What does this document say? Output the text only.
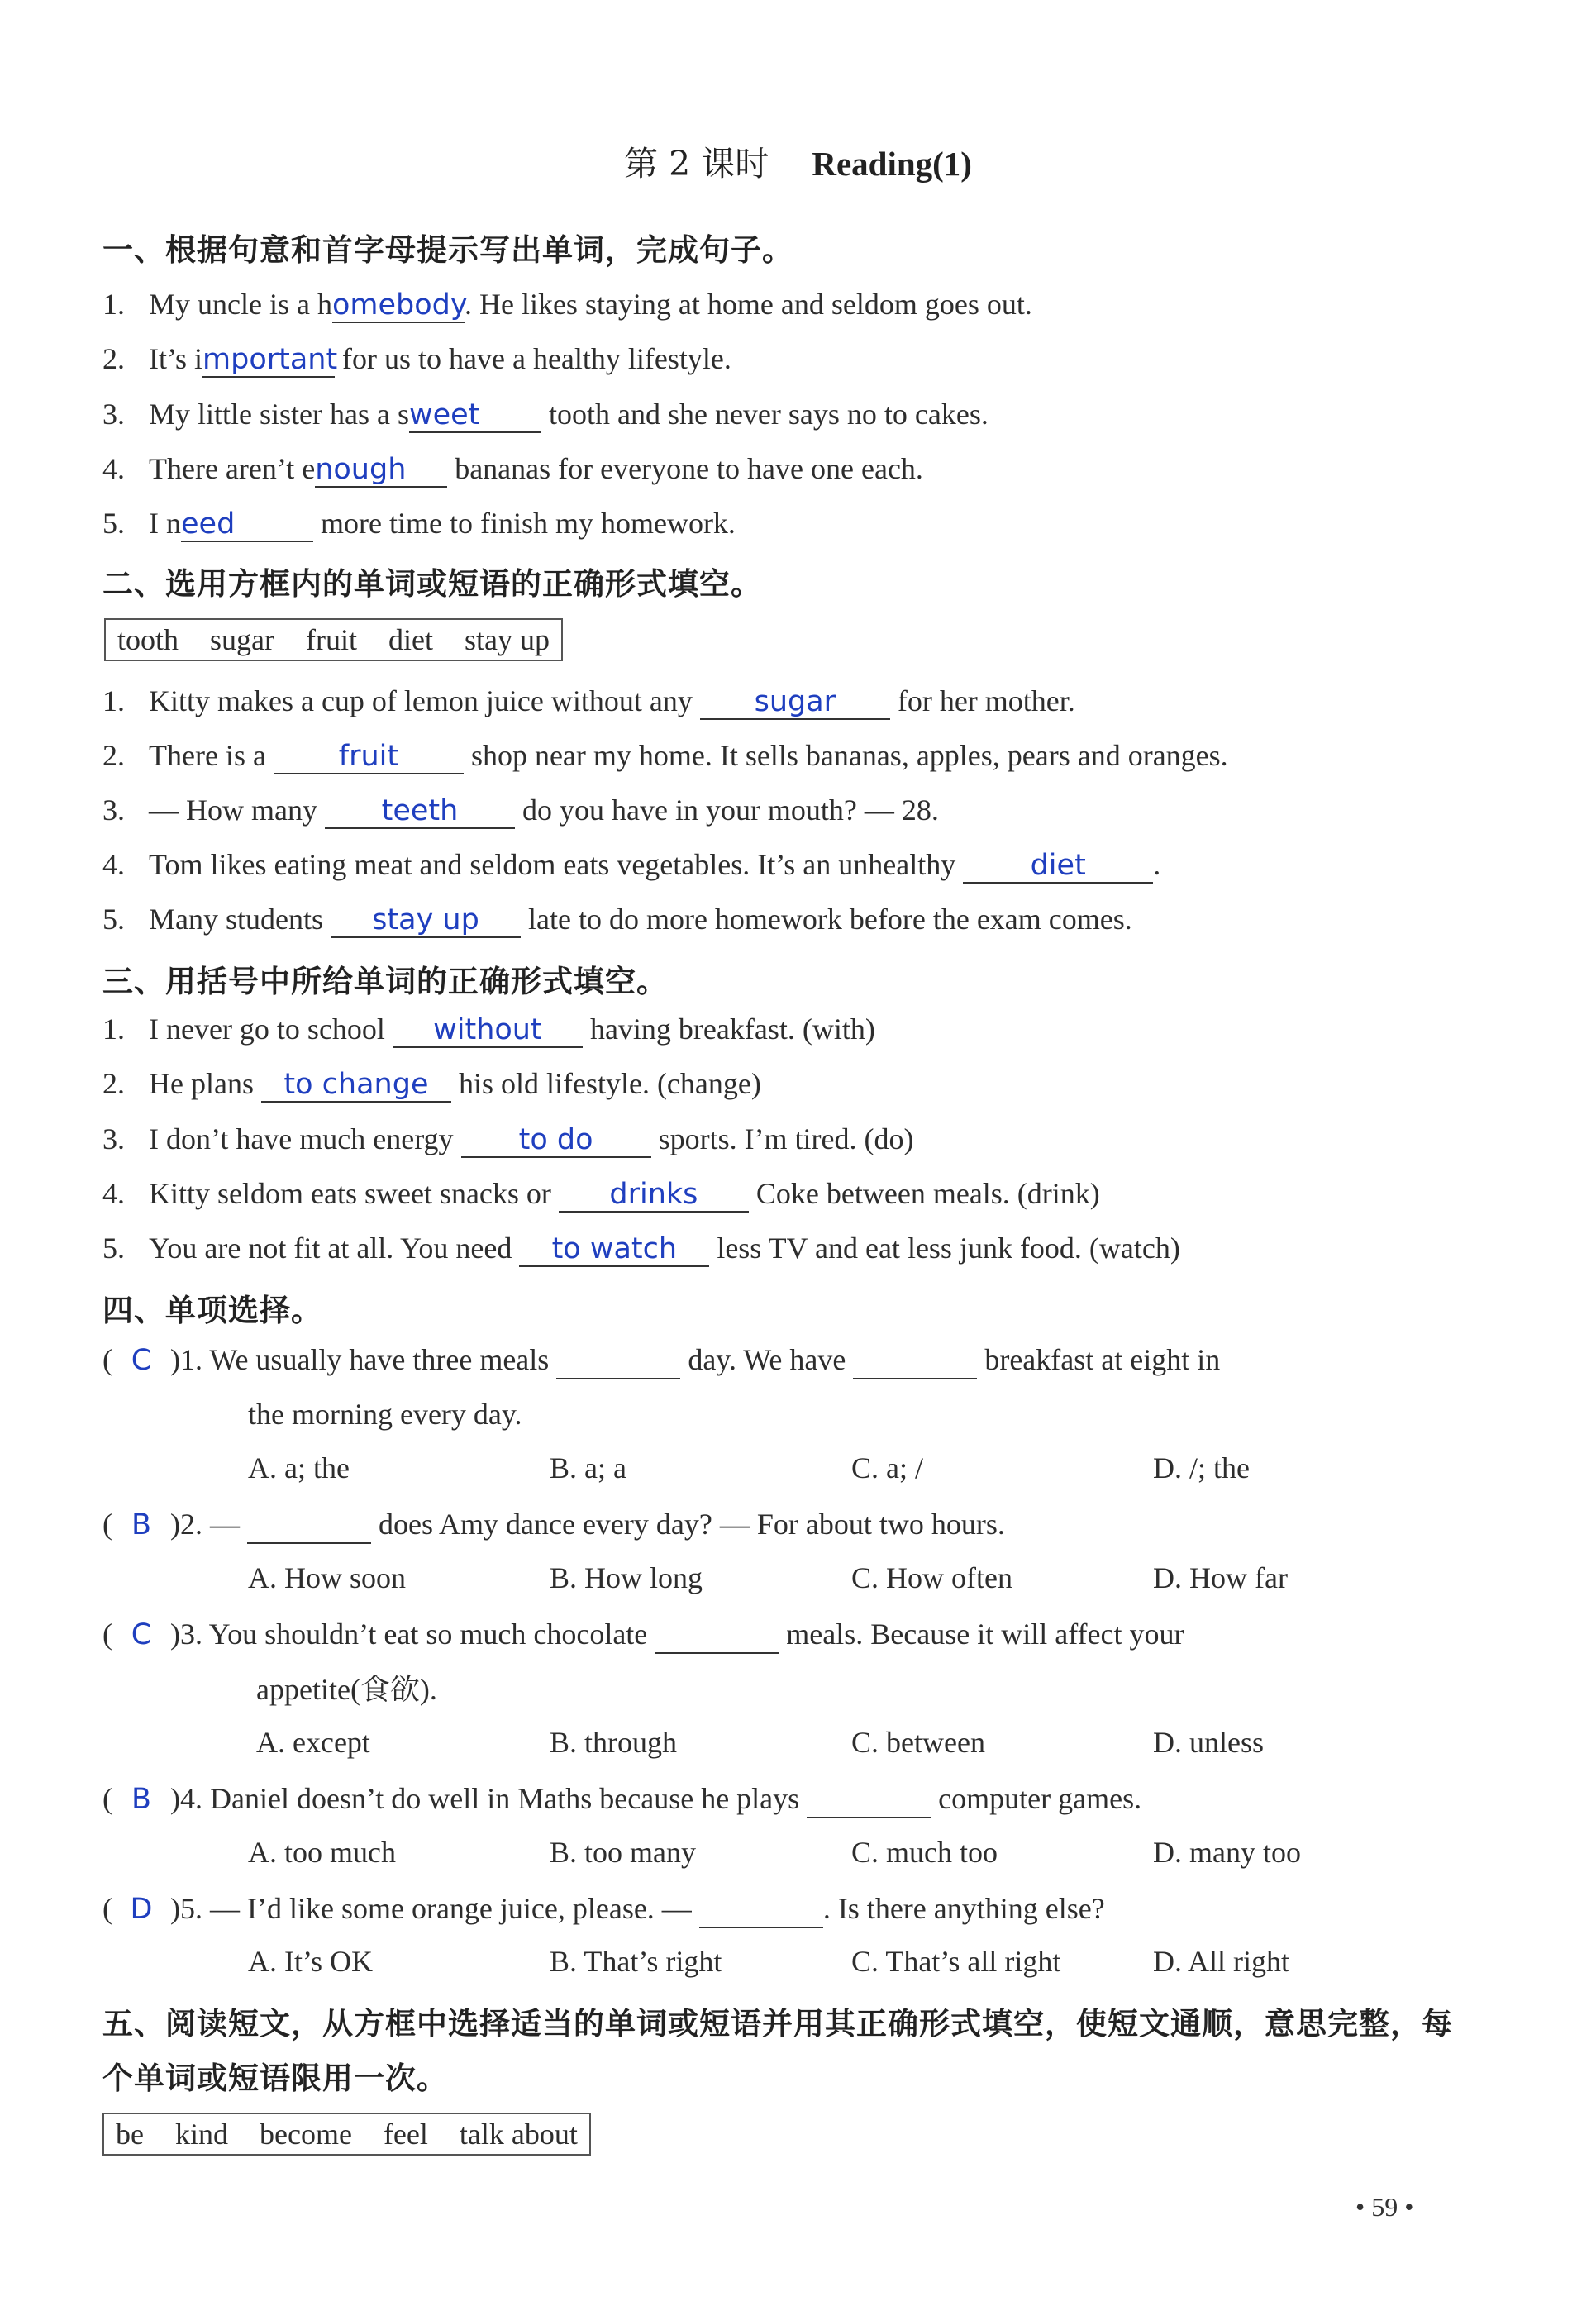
第 2 课时 Reading(1)
一、根据句意和首字母提示写出单词，完成句子。
1. My uncle is a homebody. He likes staying at home and seldom goes out.
2. It’s important for us to have a healthy lifestyle.
3. My little sister has a sweet tooth and she never says no to cakes.
4. There aren’t enough bananas for everyone to have one each.
5. I need	more time to finish my homework.
二、选用方框内的单词或短语的正确形式填空。
tooth sugar fruit diet stay up
1. Kitty makes a cup of lemon juice without any sugar for her mother.
2. There is a fruit shop near my home. It sells bananas, apples, pears and oranges.
3. — How many teeth do you have in your mouth? — 28.
4. Tom likes eating meat and seldom eats vegetables. It’s an unhealthy diet .
5. Many students stay up late to do more homework before the exam comes.
三、用括号中所给单词的正确形式填空。
1. I never go to school without having breakfast. (with)
2. He plans to change his old lifestyle. (change)
3. I don’t have much energy to do sports. I’m tired. (do)
4. Kitty seldom eats sweet snacks or drinks Coke between meals. (drink)
5. You are not fit at all. You need to watch less TV and eat less junk food. (watch)
四、单项选择。
( C )1. We usually have three meals	day. We have	breakfast at eight in
the morning every day.
A. a; the	B. a; a	C. a; /	D. /; the
( B )2. —	does Amy dance every day? — For about two hours.
A. How soon	B. How long	C. How often	D. How far
( C )3. You shouldn’t eat so much chocolate	meals. Because it will affect your
appetite(食欲).
A. except	B. through	C. between	D. unless
( B )4. Daniel doesn’t do well in Maths because he plays	computer games.
A. too much	B. too many	C. much too	D. many too
( D )5. — I’d like some orange juice, please. —	. Is there anything else?
A. It’s OK	B. That’s right	C. That’s all right	D. All right
五、阅读短文，从方框中选择适当的单词或短语并用其正确形式填空，使短文通顺，意思完整，每
个单词或短语限用一次。
be kind become feel talk about
• 59 •
